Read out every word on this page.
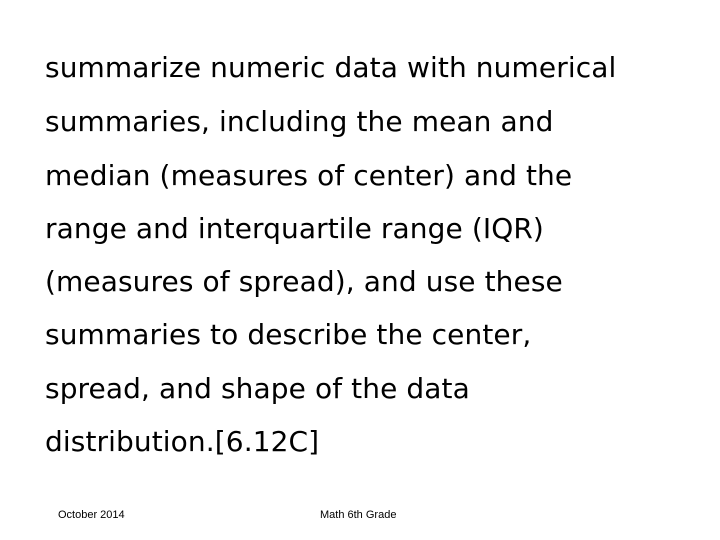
summarize numeric data with numerical
summaries, including the mean and
median (measures of center) and the
range and interquartile range (IQR)
(measures of spread), and use these
summaries to describe the center,
spread, and shape of the data
distribution.[6.12C]
October 2014	Math 6th Grade
